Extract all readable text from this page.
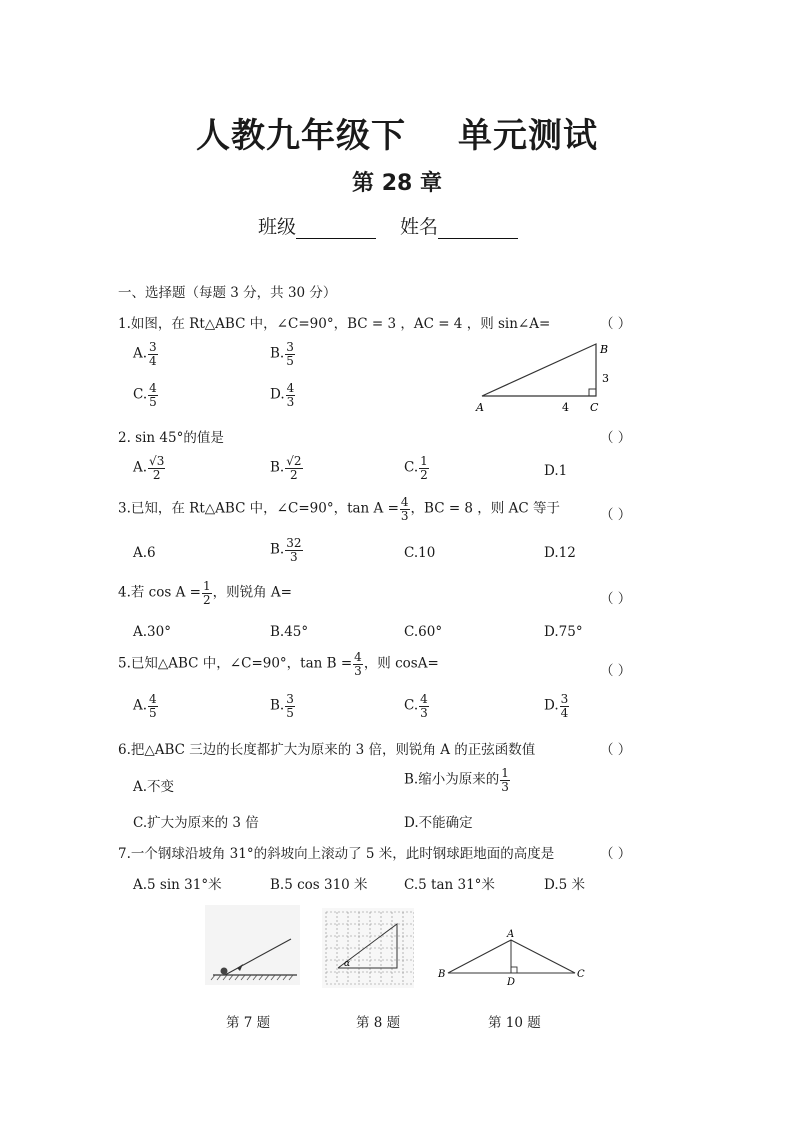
人教九年级下 单元测试
第 28 章
班级	姓名
一、选择题（每题 3 分，共 30 分）
1.如图，在 Rt△ABC 中，∠C=90°，BC = 3 ，AC = 4 ，则 sin∠A=	（ ）
A. $\frac{3}{4}$	B. $\frac{3}{5}$
C. $\frac{4}{5}$	D. $\frac{4}{3}$	A
B
C
3
4
2. sin 45°的值是	（ ）
A. $\frac{√3}{2}$	B. $\frac{√2}{2}$	C. $\frac{1}{2}$	D.1
3.已知，在 Rt△ABC 中，∠C=90°，$\tan A = \frac{4}{3}$ ，BC = 8 ，则 AC 等于	（ ）
A.6	B. $\frac{32}{3}$	C.10	D.12
4.若 $\cos A = \frac{1}{2}$ ，则锐角 A=	（ ）
A.30°	B.45°	C.60°	D.75°
5.已知△ABC 中，∠C=90°，$\tan B = \frac{4}{3}$ ，则 cosA=	（ ）
A. $\frac{4}{5}$	B. $\frac{3}{5}$	C. $\frac{4}{3}$	D. $\frac{3}{4}$
6.把△ABC 三边的长度都扩大为原来的 3 倍，则锐角 A 的正弦函数值	（ ）
A.不变	B.缩小为原来的 $\frac{1}{3}$
C.扩大为原来的 3 倍	D.不能确定
7.一个钢球沿坡角 31°的斜坡向上滚动了 5 米，此时钢球距地面的高度是	（ ）
A.5 sin 31°米	B.5 cos 310 米	C.5 tan 31°米	D.5 米
α
A
B	C
D
第 7 题	第 8 题	第 10 题
